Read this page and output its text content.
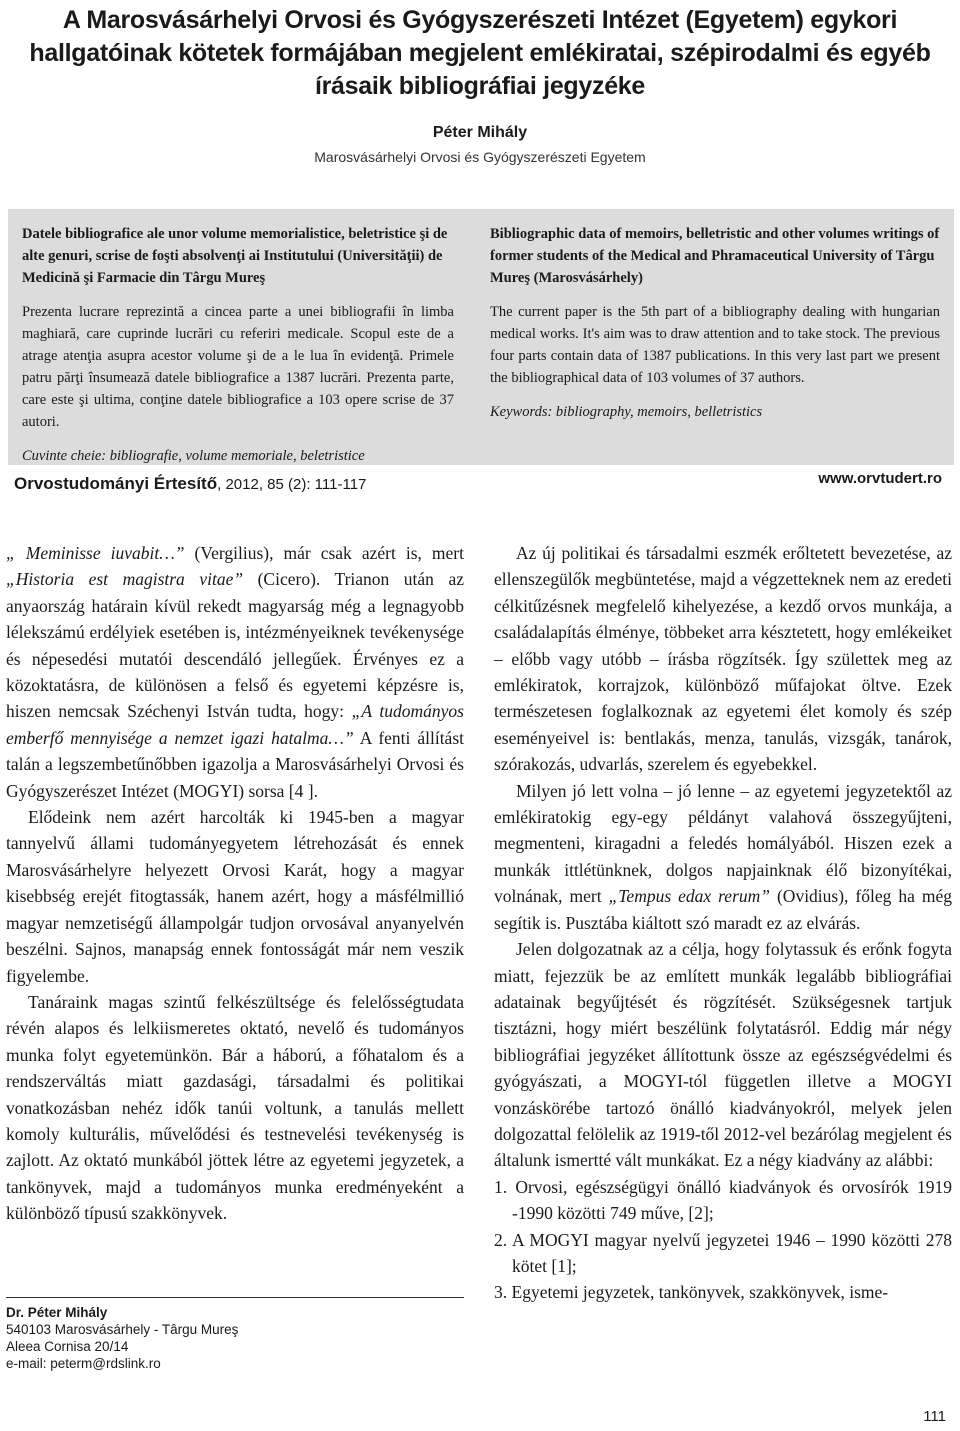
A Marosvásárhelyi Orvosi és Gyógyszerészeti Intézet (Egyetem) egykori hallgatóinak kötetek formájában megjelent emlékiratai, szépirodalmi és egyéb írásaik bibliográfiai jegyzéke
Péter Mihály
Marosvásárhelyi Orvosi és Gyógyszerészeti Egyetem

Datele bibliografice ale unor volume memorialistice, beletristice şi de alte genuri, scrise de foşti absolvenţi ai Institutului (Universităţii) de Medicină şi Farmacie din Târgu Mureş

Prezenta lucrare reprezintă a cincea parte a unei bibliografii în limba maghiară, care cuprinde lucrări cu referiri medicale. Scopul este de a atrage atenţia asupra acestor volume şi de a le lua în evidenţă. Primele patru părţi însumează datele bibliografice a 1387 lucrări. Prezenta parte, care este şi ultima, conţine datele bibliografice a 103 opere scrise de 37 autori.

Cuvinte cheie: bibliografie, volume memoriale, beletristice

Bibliographic data of memoirs, belletristic and other volumes writings of former students of the Medical and Phramaceutical University of Târgu Mureş (Marosvásárhely)

The current paper is the 5th part of a bibliography dealing with hungarian medical works. It's aim was to draw attention and to take stock. The previous four parts contain data of 1387 publications. In this very last part we present the bibliographical data of 103 volumes of 37 authors.

Keywords: bibliography, memoirs, belletristics

Orvostudományi Értesítő, 2012, 85 (2): 111-117	www.orvtudert.ro

„ Meminisse iuvabit…” (Vergilius), már csak azért is, mert „Historia est magistra vitae” (Cicero). Trianon után az anyaország határain kívül rekedt magyarság még a legnagyobb lélekszámú erdélyiek esetében is, intézményeiknek tevékenysége és népesedési mutatói descendáló jellegűek. Érvényes ez a közoktatásra, de különösen a felső és egyetemi képzésre is, hiszen nemcsak Széchenyi István tudta, hogy: „A tudományos emberfő mennyisége a nemzet igazi hatalma…” A fenti állítást talán a legszembetűnőbben igazolja a Marosvásárhelyi Orvosi és Gyógyszerészet Intézet (MOGYI) sorsa [4 ].

Elődeink nem azért harcolták ki 1945-ben a magyar tannyelvű állami tudományegyetem létrehozását és ennek Marosvásárhelyre helyezett Orvosi Karát, hogy a magyar kisebbség erejét fitogtassák, hanem azért, hogy a másfélmillió magyar nemzetiségű állampolgár tudjon orvosával anyanyelvén beszélni. Sajnos, manapság ennek fontosságát már nem veszik figyelembe.

Tanáraink magas szintű felkészültsége és felelősségtudata révén alapos és lelkiismeretes oktató, nevelő és tudományos munka folyt egyetemünkön. Bár a háború, a főhatalom és a rendszerváltás miatt gazdasági, társadalmi és politikai vonatkozásban nehéz idők tanúi voltunk, a tanulás mellett komoly kulturális, művelődési és testnevelési tevékenység is zajlott. Az oktató munkából jöttek létre az egyetemi jegyzetek, a tankönyvek, majd a tudományos munka eredményeként a különböző típusú szakkönyvek.

Dr. Péter Mihály
540103 Marosvásárhely - Târgu Mureş
Aleea Cornisa 20/14
e-mail: peterm@rdslink.ro

Az új politikai és társadalmi eszmék erőltetett bevezetése, az ellenszegülők megbüntetése, majd a végzetteknek nem az eredeti célkitűzésnek megfelelő kihelyezése, a kezdő orvos munkája, a családalapítás élménye, többeket arra késztetett, hogy emlékeiket – előbb vagy utóbb – írásba rögzítsék. Így születtek meg az emlékiratok, korrajzok, különböző műfajokat öltve. Ezek természetesen foglalkoznak az egyetemi élet komoly és szép eseményeivel is: bentlakás, menza, tanulás, vizsgák, tanárok, szórakozás, udvarlás, szerelem és egyebekkel.

Milyen jó lett volna – jó lenne – az egyetemi jegyzetektől az emlékiratokig egy-egy példányt valahová összegyűjteni, megmenteni, kiragadni a feledés homályából. Hiszen ezek a munkák ittlétünknek, dolgos napjainknak élő bizonyítékai, volnának, mert „Tempus edax rerum” (Ovidius), főleg ha még segítik is. Pusztába kiáltott szó maradt ez az elvárás.

Jelen dolgozatnak az a célja, hogy folytassuk és erőnk fogyta miatt, fejezzük be az említett munkák legalább bibliográfiai adatainak begyűjtését és rögzítését. Szükségesnek tartjuk tisztázni, hogy miért beszélünk folytatásról. Eddig már négy bibliográfiai jegyzéket állítottunk össze az egészségvédelmi és gyógyászati, a MOGYI-tól független illetve a MOGYI vonzáskörébe tartozó önálló kiadványokról, melyek jelen dolgozattal felölelik az 1919-től 2012-vel bezárólag megjelent és általunk ismertté vált munkákat. Ez a négy kiadvány az alábbi:

1. Orvosi, egészségügyi önálló kiadványok és orvosírók 1919 -1990 közötti 749 műve, [2];
2. A MOGYI magyar nyelvű jegyzetei 1946 – 1990 közötti 278 kötet [1];
3. Egyetemi jegyzetek, tankönyvek, szakkönyvek, isme-
111
